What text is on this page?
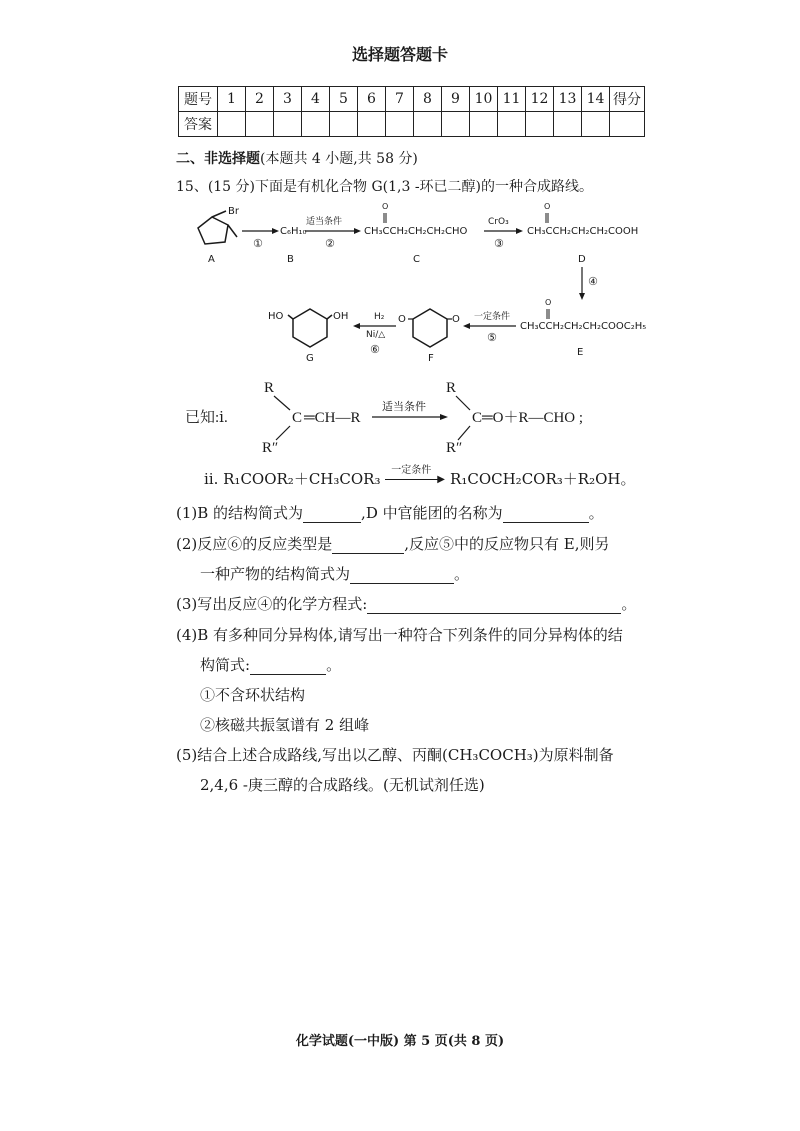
选择题答题卡
题号	1	2	3	4	5	6	7	8	9	10	11	12	13	14	得分
答案															
二、非选择题(本题共 4 小题,共 58 分)
15、(15 分)下面是有机化合物 G(1,3 -环已二醇)的一种合成路线。
Br
A
①
C₆H₁₀
B
适当条件
②
O
CH₃CCH₂CH₂CH₂CHO
C
CrO₃
③
O
CH₃CCH₂CH₂CH₂COOH
D
④
O
CH₃CCH₂CH₂CH₂COOC₂H₅
E
一定条件
⑤
O	O
F
H₂
Ni/△
⑥
HO	OH
G
已知:ⅰ.
R
C ═CH—R
R″
适当条件
R
C═O＋R—CHO ;
R″
ⅱ. R₁COOR₂＋CH₃COR₃ 一定条件
▶ R₁COCH₂COR₃＋R₂OH。
(1)B 的结构简式为	,D 中官能团的名称为	。
(2)反应⑥的反应类型是	,反应⑤中的反应物只有 E,则另
一种产物的结构简式为	。
(3)写出反应④的化学方程式:	。
(4)B 有多种同分异构体,请写出一种符合下列条件的同分异构体的结
构简式:	。
①不含环状结构
②核磁共振氢谱有 2 组峰
(5)结合上述合成路线,写出以乙醇、丙酮(CH₃COCH₃)为原料制备
2,4,6 -庚三醇的合成路线。(无机试剂任选)
化学试题(一中版) 第 5 页(共 8 页)
